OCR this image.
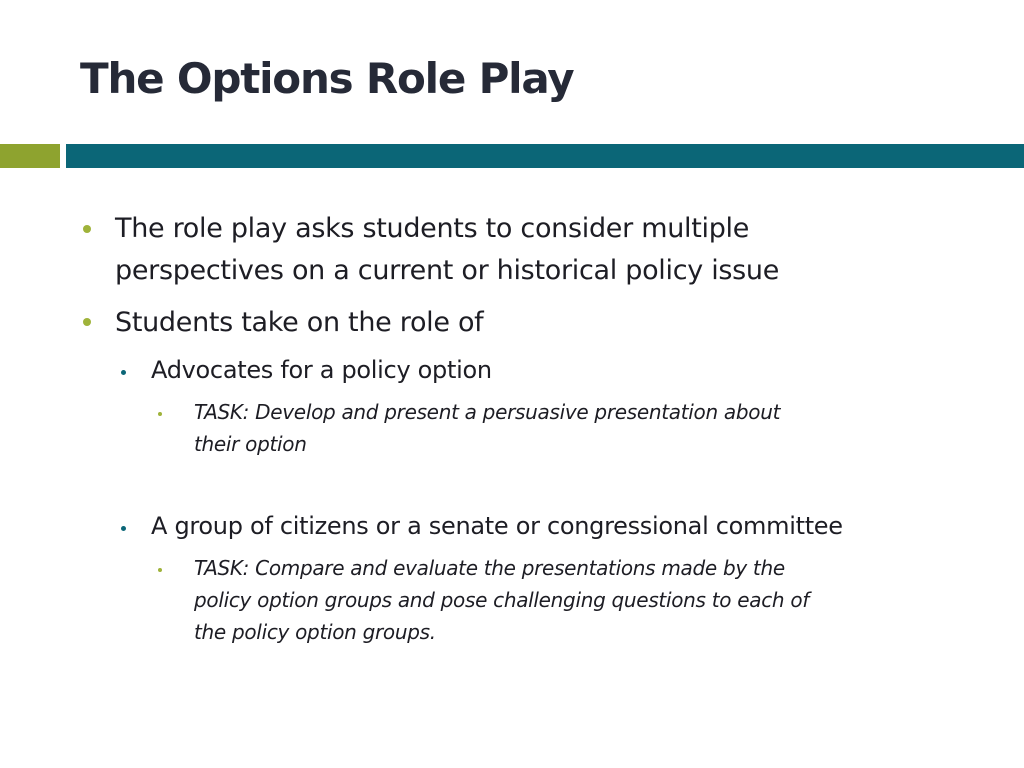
The Options Role Play

The role play asks students to consider multiple

perspectives on a current or historical policy issue

Students take on the role of

Advocates for a policy option

TASK: Develop and present a persuasive presentation about

their option

A group of citizens or a senate or congressional committee

TASK: Compare and evaluate the presentations made by the

policy option groups and pose challenging questions to each of

the policy option groups.
